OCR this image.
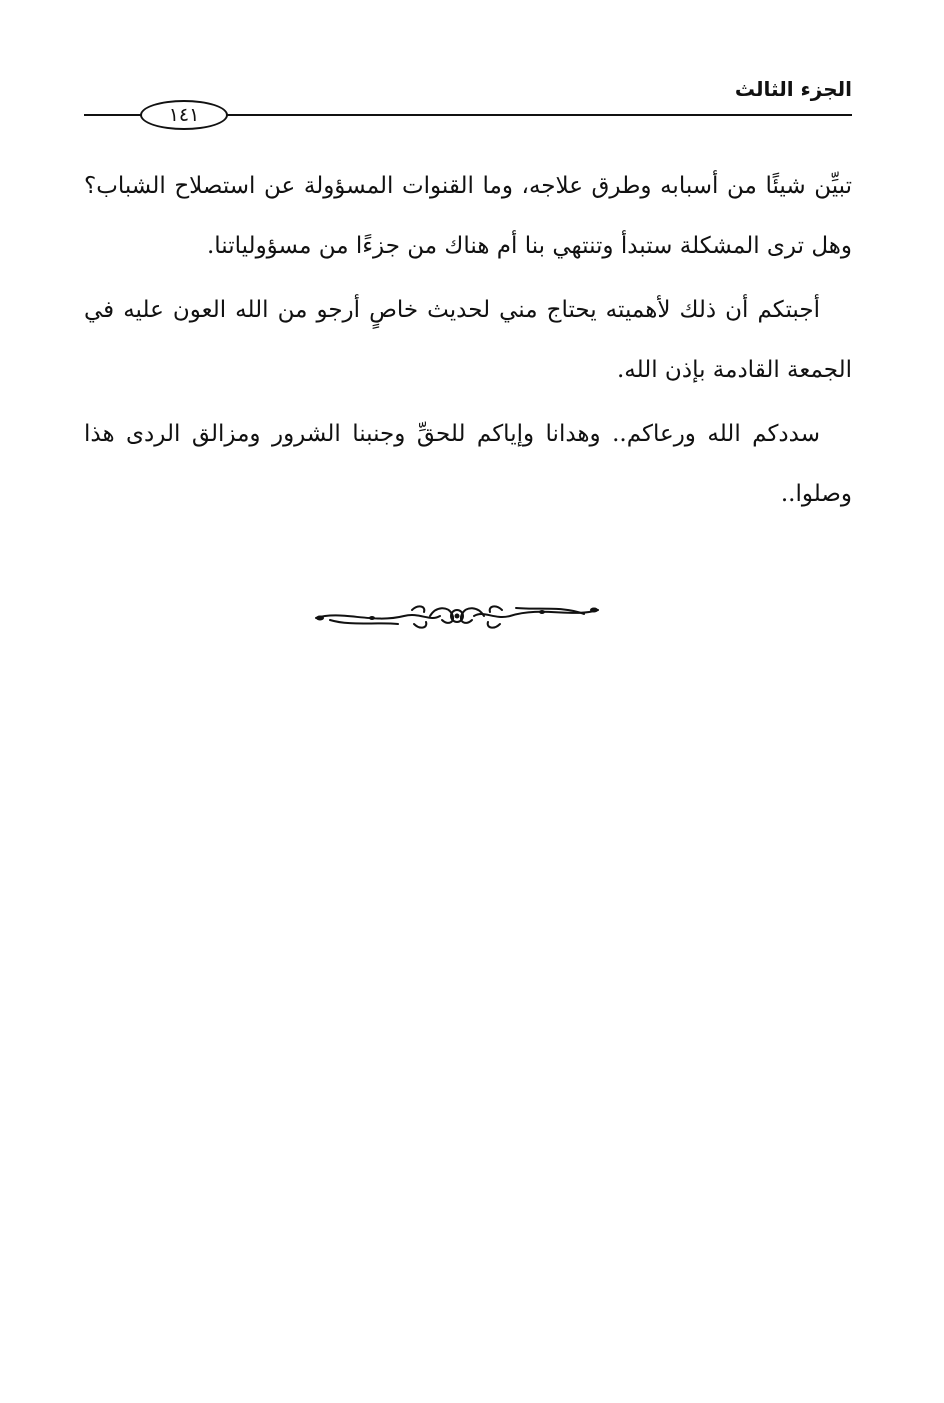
الجزء الثالث
١٤١

تبيِّن شيئًا من أسبابه وطرق علاجه، وما القنوات المسؤولة عن استصلاح الشباب؟ وهل ترى المشكلة ستبدأ وتنتهي بنا أم هناك من جزءًا من مسؤولياتنا.

أجبتكم أن ذلك لأهميته يحتاج مني لحديث خاصٍ أرجو من الله العون عليه في الجمعة القادمة بإذن الله.

سددكم الله ورعاكم.. وهدانا وإياكم للحقِّ وجنبنا الشرور ومزالق الردى هذا وصلوا..
